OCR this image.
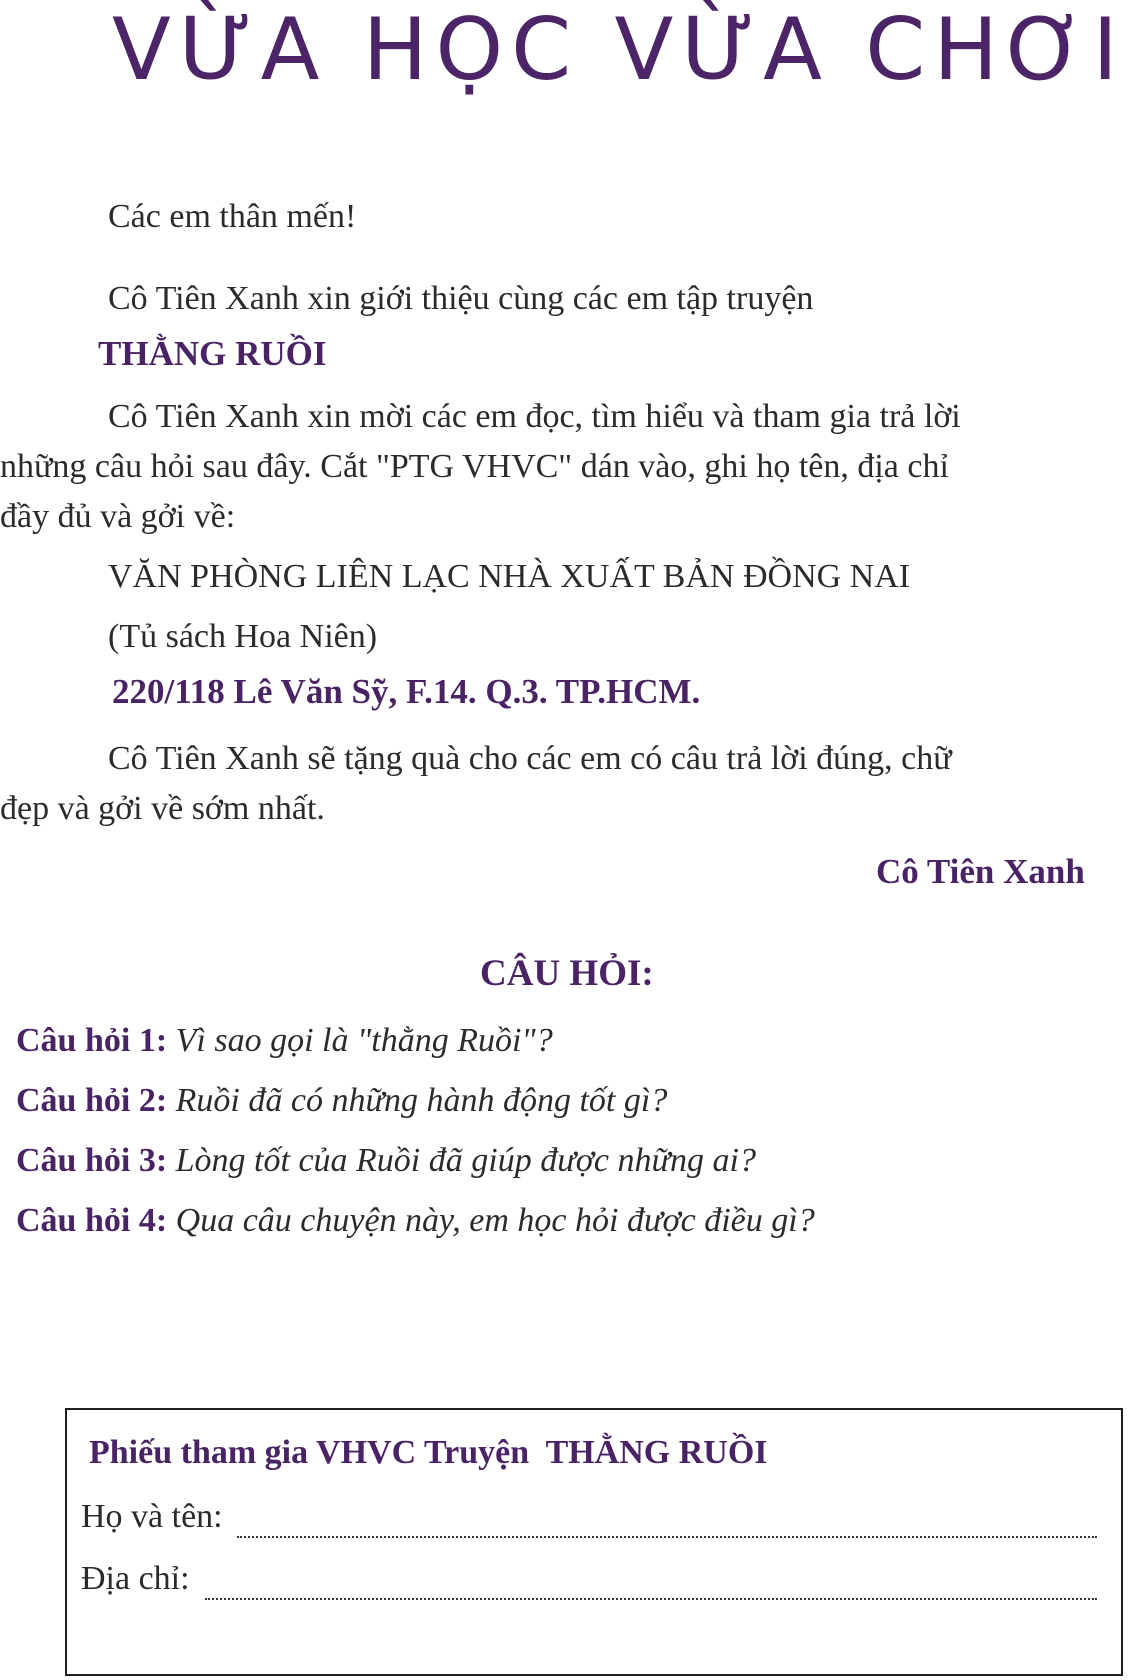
VỪA HỌC VỪA CHƠI
Các em thân mến!
Cô Tiên Xanh xin giới thiệu cùng các em tập truyện
THẰNG RUỒI
Cô Tiên Xanh xin mời các em đọc, tìm hiểu và tham gia trả lời
những câu hỏi sau đây. Cắt "PTG VHVC" dán vào, ghi họ tên, địa chỉ
đầy đủ và gởi về:
VĂN PHÒNG LIÊN LẠC NHÀ XUẤT BẢN ĐỒNG NAI
(Tủ sách Hoa Niên)
220/118 Lê Văn Sỹ, F.14. Q.3. TP.HCM.
Cô Tiên Xanh sẽ tặng quà cho các em có câu trả lời đúng, chữ
đẹp và gởi về sớm nhất.
Cô Tiên Xanh
CÂU HỎI:
Câu hỏi 1: Vì sao gọi là "thằng Ruồi"?
Câu hỏi 2: Ruồi đã có những hành động tốt gì?
Câu hỏi 3: Lòng tốt của Ruồi đã giúp được những ai?
Câu hỏi 4: Qua câu chuyện này, em học hỏi được điều gì?
Phiếu tham gia VHVC Truyện THẰNG RUỒI
Họ và tên:
Địa chỉ:
